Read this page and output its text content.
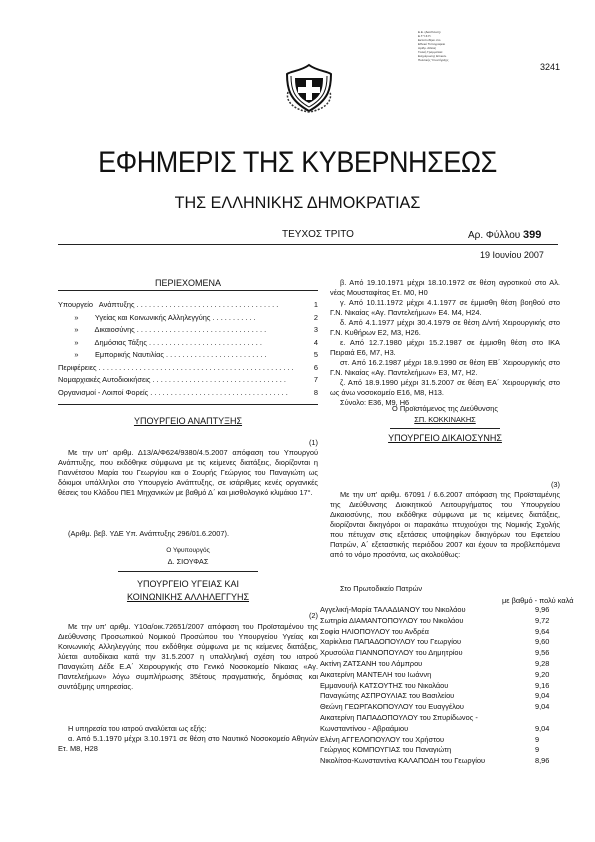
Ε.Ε. (Διεύθυνση)
Ε.Τ.Υ.Σ.Π.
Εκτυπώθηκε στο
Εθνικό Τυπογραφείο
Αριθμ. Αδείας
Γενική Γραμματεία
Ενημέρωσης Επικοιν.
Πολιτικής Υποστήριξης
3241
ΕΦΗΜΕΡΙΣ ΤΗΣ ΚΥΒΕΡΝΗΣΕΩΣ
ΤΗΣ ΕΛΛΗΝΙΚΗΣ ΔΗΜΟΚΡΑΤΙΑΣ
ΤΕΥΧΟΣ ΤΡΙΤΟ	Αρ. Φύλλου 399
19 Ιουνίου 2007
ΠΕΡΙΕΧΟΜΕΝΑ
Υπουργείο   Ανάπτυξης . . . . . . . . . . . . . . . . . . . . . . . . . . . . . . . . . . .	1
»        Υγείας και Κοινωνικής Αλληλεγγύης . . . . . . . . . . .	2
»        Δικαιοσύνης . . . . . . . . . . . . . . . . . . . . . . . . . . . . . . . .	3
»        Δημόσιας Τάξης . . . . . . . . . . . . . . . . . . . . . . . . . . . .	4
»        Εμπορικής Ναυτιλίας . . . . . . . . . . . . . . . . . . . . . . . . .	5
Περιφέρειες . . . . . . . . . . . . . . . . . . . . . . . . . . . . . . . . . . . . . . . . . . . . . . . .	6
Νομαρχιακές Αυτοδιοικήσεις . . . . . . . . . . . . . . . . . . . . . . . . . . . . . . . . .	7
Οργανισμοί - Λοιποί Φορείς . . . . . . . . . . . . . . . . . . . . . . . . . . . . . . . . . .	8
ΥΠΟΥΡΓΕΙΟ ΑΝΑΠΤΥΞΗΣ
(1)

Με την υπ' αριθμ. Δ13/Α/Φ624/9380/4.5.2007 απόφαση του Υπουργού Ανάπτυξης, που εκδόθηκε σύμφωνα με τις κείμενες διατάξεις, διορίζονται η Γιαννέτσου Μαρία του Γεωργίου και ο Σουρής Γεώργιος του Παναγιώτη ως δόκιμοι υπάλληλοι στο Υπουργείο Ανάπτυξης, σε ισάριθμες κενές οργανικές θέσεις του Κλάδου ΠΕ1 Μηχανικών με βαθμό Δ΄ και μισθολογικό κλιμάκιο 17°.

(Αριθμ. βεβ. ΥΔΕ Υπ. Ανάπτυξης 296/01.6.2007).

Ο Υφυπουργός
Δ. ΣΙΟΥΦΑΣ
ΥΠΟΥΡΓΕΙΟ ΥΓΕΙΑΣ ΚΑΙ
ΚΟΙΝΩΝΙΚΗΣ ΑΛΛΗΛΕΓΓΥΗΣ
(2)

Με την υπ' αριθμ. Υ10α/οικ.72651/2007 απόφαση του Προϊσταμένου της Διεύθυνσης Προσωπικού Νομικού Προσώπου του Υπουργείου Υγείας και Κοινωνικής Αλληλεγγύης που εκδόθηκε σύμφωνα με τις κείμενες διατάξεις, λύεται αυτοδίκαια κατά την 31.5.2007 η υπαλληλική σχέση του ιατρού Παναγιώτη Δέδε Ε.Α΄ Χειρουργικής στο Γενικό Νοσοκομείο Νίκαιας «Αγ. Παντελεήμων» λόγω συμπλήρωσης 35έτους πραγματικής, δημόσιας και συντάξιμης υπηρεσίας.

Η υπηρεσία του ιατρού αναλύεται ως εξής:

α. Από 5.1.1970 μέχρι 3.10.1971 σε θέση στο Ναυτικό Νοσοκομείο Αθηνών Ετ. Μ8, Η28

β. Από 19.10.1971 μέχρι 18.10.1972 σε θέση αγροτικού στο Αλ. νέας Μουσταφίτας Ετ. Μ0, Η0

γ. Από 10.11.1972 μέχρι 4.1.1977 σε έμμισθη θέση βοηθού στο Γ.Ν. Νικαίας «Αγ. Παντελεήμων» Ε4. Μ4, Η24.

δ. Από 4.1.1977 μέχρι 30.4.1979 σε θέση Δ/ντή Χειρουργικής στο Γ.Ν. Κυθήρων Ε2, Μ3, Η26.

ε. Από 12.7.1980 μέχρι 15.2.1987 σε έμμισθη θέση στο ΙΚΑ Πειραιά Ε6, Μ7, Η3.

στ. Από 16.2.1987 μέχρι 18.9.1990 σε θέση ΕΒ΄ Χειρουργικής στο Γ.Ν. Νικαίας «Αγ. Παντελεήμων» Ε3, Μ7, Η2.

ζ. Από 18.9.1990 μέχρι 31.5.2007 σε θέση ΕΑ΄ Χειρουργικής στο ως άνω νοσοκομείο Ε16, Μ8, Η13.

Σύνολο: Ε36, Μ9, Η6

Ο Προϊστάμενος της Διεύθυνσης
ΣΠ. ΚΟΚΚΙΝΑΚΗΣ
ΥΠΟΥΡΓΕΙΟ ΔΙΚΑΙΟΣΥΝΗΣ
(3)

Με την υπ' αριθμ. 67091 / 6.6.2007 απόφαση της Προϊσταμένης της Διεύθυνσης Διοικητικού Λειτουργήματος του Υπουργείου Δικαιοσύνης, που εκδόθηκε σύμφωνα με τις κείμενες διατάξεις, διορίζονται δικηγόροι οι παρακάτω πτυχιούχοι της Νομικής Σχολής που πέτυχαν στις εξετάσεις υποψηφίων δικηγόρων του Εφετείου Πατρών, Α΄ εξεταστικής περιόδου 2007 και έχουν τα προβλεπόμενα από το νόμο προσόντα, ως ακολούθως:

Στο Πρωτοδικείο Πατρών

με βαθμό - πολύ καλά
Αγγελική-Μαρία ΤΑΛΑΔΙΑΝΟΥ του Νικολάου	9,96
Σωτηρία ΔΙΑΜΑΝΤΟΠΟΥΛΟΥ του Νικολάου	9,72
Σοφία ΗΛΙΟΠΟΥΛΟΥ του Ανδρέα	9,64
Χαρίκλεια ΠΑΠΑΔΟΠΟΥΛΟΥ του Γεωργίου	9,60
Χρυσούλα ΓΙΑΝΝΟΠΟΥΛΟΥ του Δημητρίου	9,56
Ακτίνη ΖΑΤΣΑΝΗ του Λάμπρου	9,28
Αικατερίνη ΜΑΝΤΕΛΗ του Ιωάννη	9,20
Εμμανουήλ ΚΑΤΣΟΥΤΗΣ του Νικολάου	9,16
Παναγιώτης ΑΣΠΡΟΥΛΙΑΣ του Βασιλείου	9,04
Θεώνη ΓΕΩΡΓΑΚΟΠΟΥΛΟΥ του Ευαγγέλου	9,04
Αικατερίνη ΠΑΠΑΔΟΠΟΥΛΟΥ του Σπυρίδωνος -
Κωνσταντίνου - Αβραάμιου	9,04
Ελένη ΑΓΓΕΛΟΠΟΥΛΟΥ του Χρήστου	9
Γεώργιος ΚΟΜΠΟΥΓΙΑΣ του Παναγιώτη	9
Νικολίτσα-Κωνσταντίνα ΚΑΛΑΠΟΔΗ του Γεωργίου	8,96
